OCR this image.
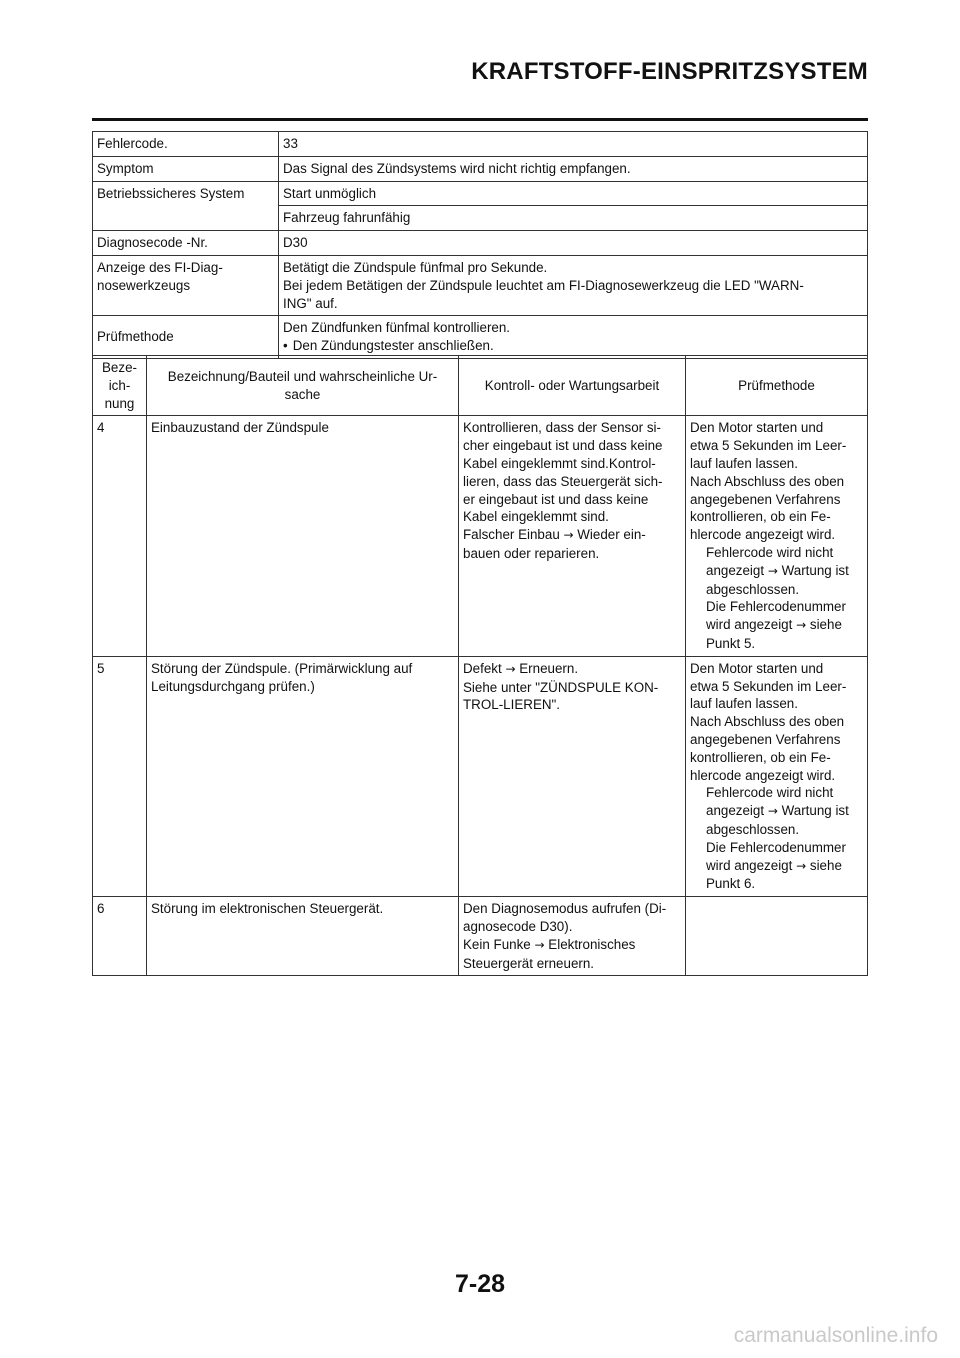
KRAFTSTOFF-EINSPRITZSYSTEM
Fehlercode.	33
Symptom	Das Signal des Zündsystems wird nicht richtig empfangen.
Betriebssicheres System	Start unmöglich
Fahrzeug fahrunfähig
Diagnosecode -Nr.	D30

Anzeige des FI-Diag-
nosewerkzeugs

Betätigt die Zündspule fünfmal pro Sekunde.
Bei jedem Betätigen der Zündspule leuchtet am FI-Diagnosewerkzeug die LED "WARN-
ING" auf.

Prüfmethode	
Den Zündfunken fünfmal kontrollieren.
• Den Zündungstester anschließen.
Beze-
ich-
nung

Bezeichnung/Bauteil und wahrscheinliche Ur-
sache
	Kontroll- oder Wartungsarbeit	Prüfmethode
4	Einbauzustand der Zündspule	Kontrollieren, dass der Sensor si-
cher eingebaut ist und dass keine
Kabel eingeklemmt sind.Kontrol-
lieren, dass das Steuergerät sich-
er eingebaut ist und dass keine
Kabel eingeklemmt sind.
Falscher Einbau → Wieder ein-
bauen oder reparieren.

Den Motor starten und
etwa 5 Sekunden im Leer-
lauf laufen lassen.
Nach Abschluss des oben
angegebenen Verfahrens
kontrollieren, ob ein Fe-
hlercode angezeigt wird.
Fehlercode wird nicht
angezeigt → Wartung ist
abgeschlossen.
Die Fehlercodenummer
wird angezeigt → siehe
Punkt 5.

5	Störung der Zündspule. (Primärwicklung auf
Leitungsdurchgang prüfen.)

Defekt → Erneuern.
Siehe unter "ZÜNDSPULE KON-
TROL-LIEREN".

Den Motor starten und
etwa 5 Sekunden im Leer-
lauf laufen lassen.
Nach Abschluss des oben
angegebenen Verfahrens
kontrollieren, ob ein Fe-
hlercode angezeigt wird.
Fehlercode wird nicht
angezeigt → Wartung ist
abgeschlossen.
Die Fehlercodenummer
wird angezeigt → siehe
Punkt 6.

6	Störung im elektronischen Steuergerät.	Den Diagnosemodus aufrufen (Di-
agnosecode D30).
Kein Funke → Elektronisches
Steuergerät erneuern.

7-28
carmanualsonline.info
